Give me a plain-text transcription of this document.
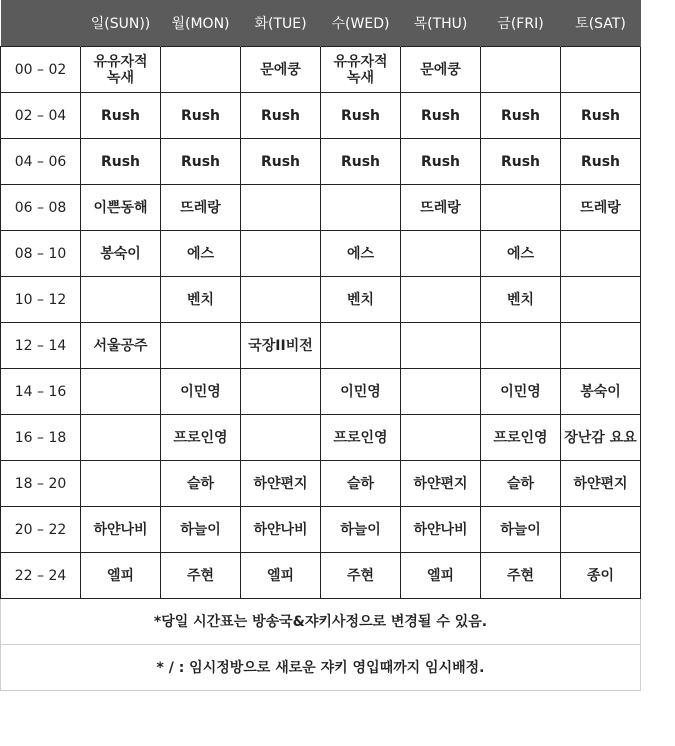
	일(SUN))	월(MON)	화(TUE)	수(WED)	목(THU)	금(FRI)	토(SAT)
00 – 02	유유자적 녹새		문에쿵	유유자적 녹새	문에쿵		
02 – 04	Rush	Rush	Rush	Rush	Rush	Rush	Rush
04 – 06	Rush	Rush	Rush	Rush	Rush	Rush	Rush
06 – 08	이쁜동해	뜨레랑			뜨레랑		뜨레랑
08 – 10	봉숙이	에스		에스		에스	
10 – 12		벤치		벤치		벤치	
12 – 14	서울공주		국장II비전				
14 – 16		이민영		이민영		이민영	봉숙이
16 – 18		프로인영		프로인영		프로인영	장난감 요요
18 – 20		슬하	하얀편지	슬하	하얀편지	슬하	하얀편지
20 – 22	하얀나비	하늘이	하얀나비	하늘이	하얀나비	하늘이	
22 – 24	엘피	주현	엘피	주현	엘피	주현	종이
*당일 시간표는 방송국&쟈키사정으로 변경될 수 있음.							
* / : 임시정방으로 새로운 쟈키 영입때까지 임시배정.							
